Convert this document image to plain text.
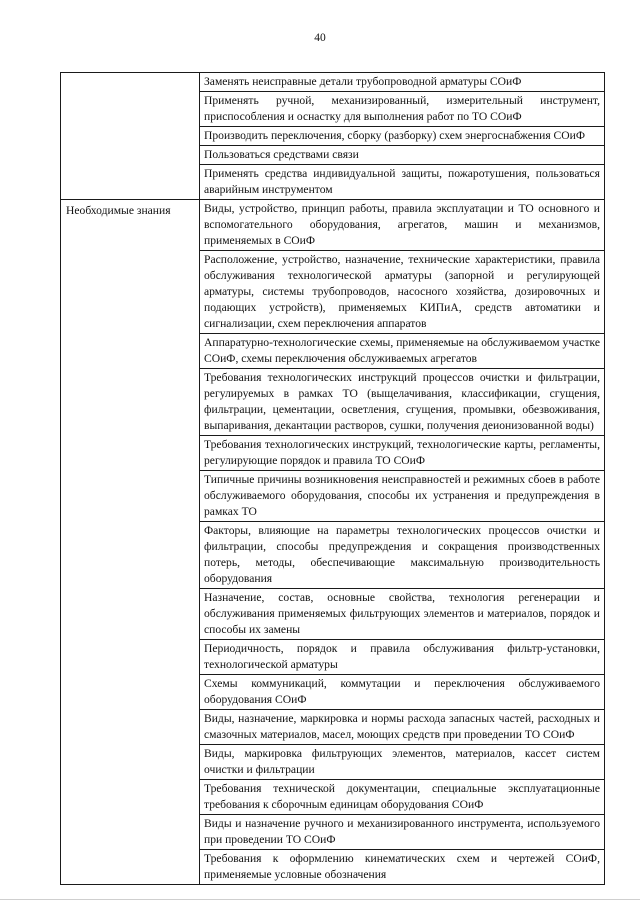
40
	Заменять неисправные детали трубопроводной арматуры СОиФ
	Применять ручной, механизированный, измерительный инструмент, приспособления и оснастку для выполнения работ по ТО СОиФ
	Производить переключения, сборку (разборку) схем энергоснабжения СОиФ
	Пользоваться средствами связи
	Применять средства индивидуальной защиты, пожаротушения, пользоваться аварийным инструментом
Необходимые знания	Виды, устройство, принцип работы, правила эксплуатации и ТО основного и вспомогательного оборудования, агрегатов, машин и механизмов, применяемых в СОиФ
	Расположение, устройство, назначение, технические характеристики, правила обслуживания технологической арматуры (запорной и регулирующей арматуры, системы трубопроводов, насосного хозяйства, дозировочных и подающих устройств), применяемых КИПиА, средств автоматики и сигнализации, схем переключения аппаратов
	Аппаратурно-технологические схемы, применяемые на обслуживаемом участке СОиФ, схемы переключения обслуживаемых агрегатов
	Требования технологических инструкций процессов очистки и фильтрации, регулируемых в рамках ТО (выщелачивания, классификации, сгущения, фильтрации, цементации, осветления, сгущения, промывки, обезвоживания, выпаривания, декантации растворов, сушки, получения деионизованной воды)
	Требования технологических инструкций, технологические карты, регламенты, регулирующие порядок и правила ТО СОиФ
	Типичные причины возникновения неисправностей и режимных сбоев в работе обслуживаемого оборудования, способы их устранения и предупреждения в рамках ТО
	Факторы, влияющие на параметры технологических процессов очистки и фильтрации, способы предупреждения и сокращения производственных потерь, методы, обеспечивающие максимальную производительность оборудования
	Назначение, состав, основные свойства, технология регенерации и обслуживания применяемых фильтрующих элементов и материалов, порядок и способы их замены
	Периодичность, порядок и правила обслуживания фильтр-установки, технологической арматуры
	Схемы коммуникаций, коммутации и переключения обслуживаемого оборудования СОиФ
	Виды, назначение, маркировка и нормы расхода запасных частей, расходных и смазочных материалов, масел, моющих средств при проведении ТО СОиФ
	Виды, маркировка фильтрующих элементов, материалов, кассет систем очистки и фильтрации
	Требования технической документации, специальные эксплуатационные требования к сборочным единицам оборудования СОиФ
	Виды и назначение ручного и механизированного инструмента, используемого при проведении ТО СОиФ
	Требования к оформлению кинематических схем и чертежей СОиФ, применяемые условные обозначения
